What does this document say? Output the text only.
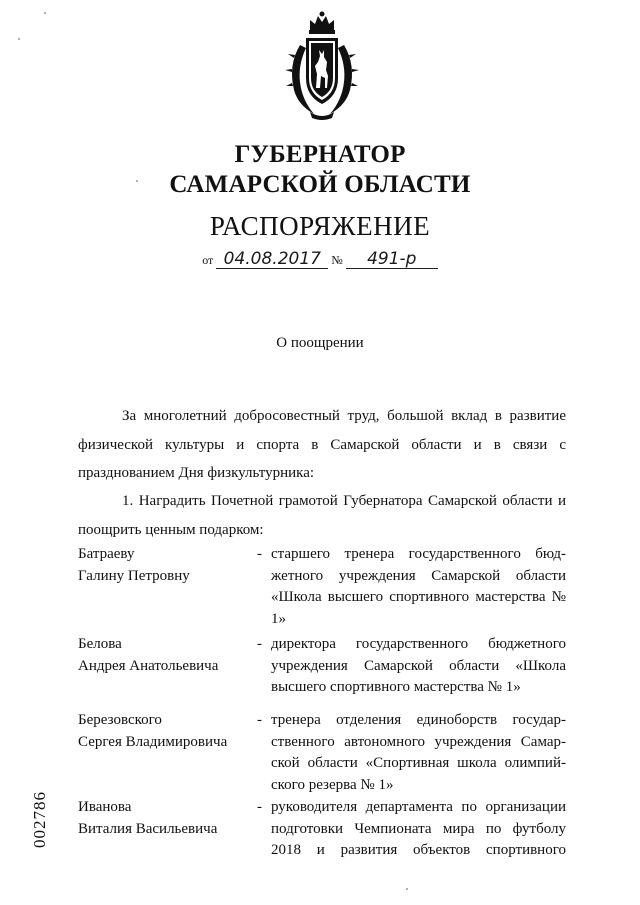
ГУБЕРНАТОР
САМАРСКОЙ ОБЛАСТИ
РАСПОРЯЖЕНИЕ
от 04.08.2017 № 491-р
О поощрении
За многолетний добросовестный труд, большой вклад в развитие физической культуры и спорта в Самарской области и в связи с празднованием Дня физкультурника:
1. Наградить Почетной грамотой Губернатора Самарской области и поощрить ценным подарком:
Батраеву
Галину Петровну
- старшего тренера государственного бюджетного учреждения Самарской области «Школа высшего спортивного мастерства № 1»
Белова
Андрея Анатольевича
- директора государственного бюджетного учреждения Самарской области «Школа высшего спортивного мастерства № 1»
Березовского
Сергея Владимировича
- тренера отделения единоборств государственного автономного учреждения Самарской области «Спортивная школа олимпийского резерва № 1»
Иванова
Виталия Васильевича
- руководителя департамента по организации подготовки Чемпионата мира по футболу 2018 и развития объектов спортивного
002786
